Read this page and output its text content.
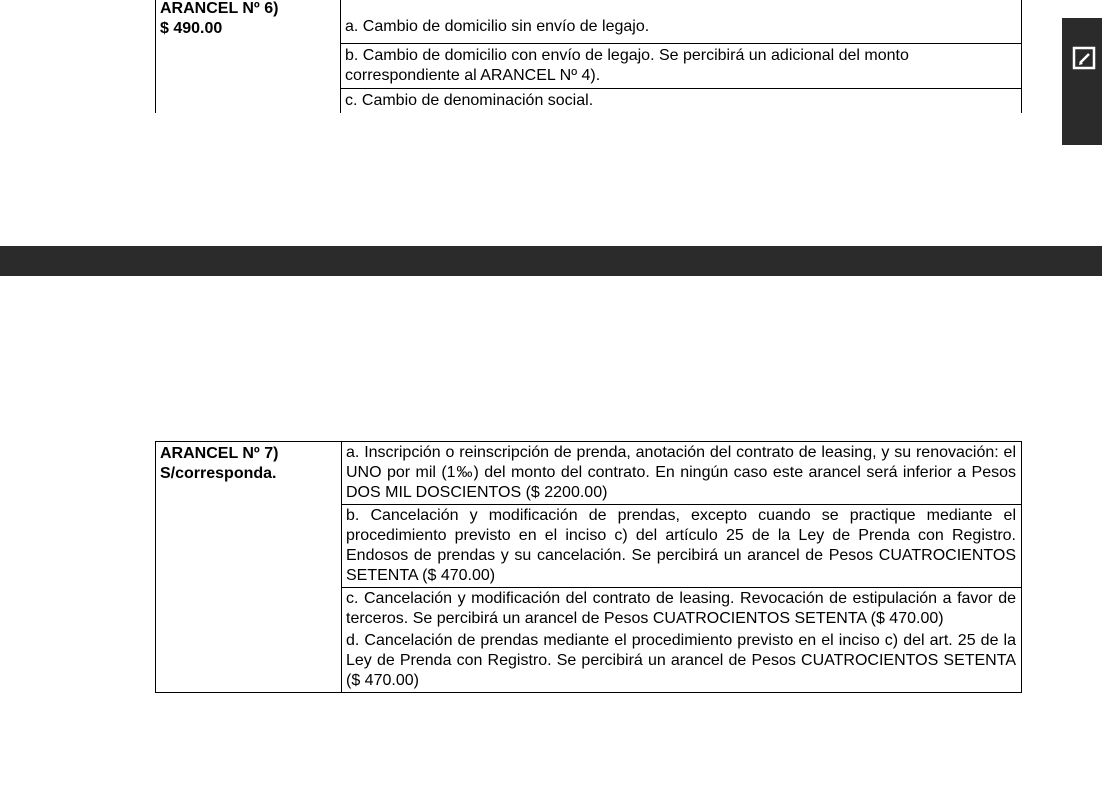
ARANCEL Nº 6)
$ 490.00	a. Cambio de domicilio sin envío de legajo.

b. Cambio de domicilio con envío de legajo. Se percibirá un adicional del monto correspondiente al ARANCEL Nº 4).
c. Cambio de denominación social.
ARANCEL Nº 7)
S/corresponda.
	a. Inscripción o reinscripción de prenda, anotación del contrato de leasing, y su renovación: el UNO por mil (1‰) del monto del contrato. En ningún caso este arancel será inferior a Pesos DOS MIL DOSCIENTOS ($ 2200.00)
b. Cancelación y modificación de prendas, excepto cuando se practique mediante el procedimiento previsto en el inciso c) del artículo 25 de la Ley de Prenda con Registro. Endosos de prendas y su cancelación. Se percibirá un arancel de Pesos CUATROCIENTOS SETENTA ($ 470.00)
c. Cancelación y modificación del contrato de leasing. Revocación de estipulación a favor de terceros. Se percibirá un arancel de Pesos CUATROCIENTOS SETENTA ($ 470.00)
d. Cancelación de prendas mediante el procedimiento previsto en el inciso c) del art. 25 de la Ley de Prenda con Registro. Se percibirá un arancel de Pesos CUATROCIENTOS SETENTA ($ 470.00)
